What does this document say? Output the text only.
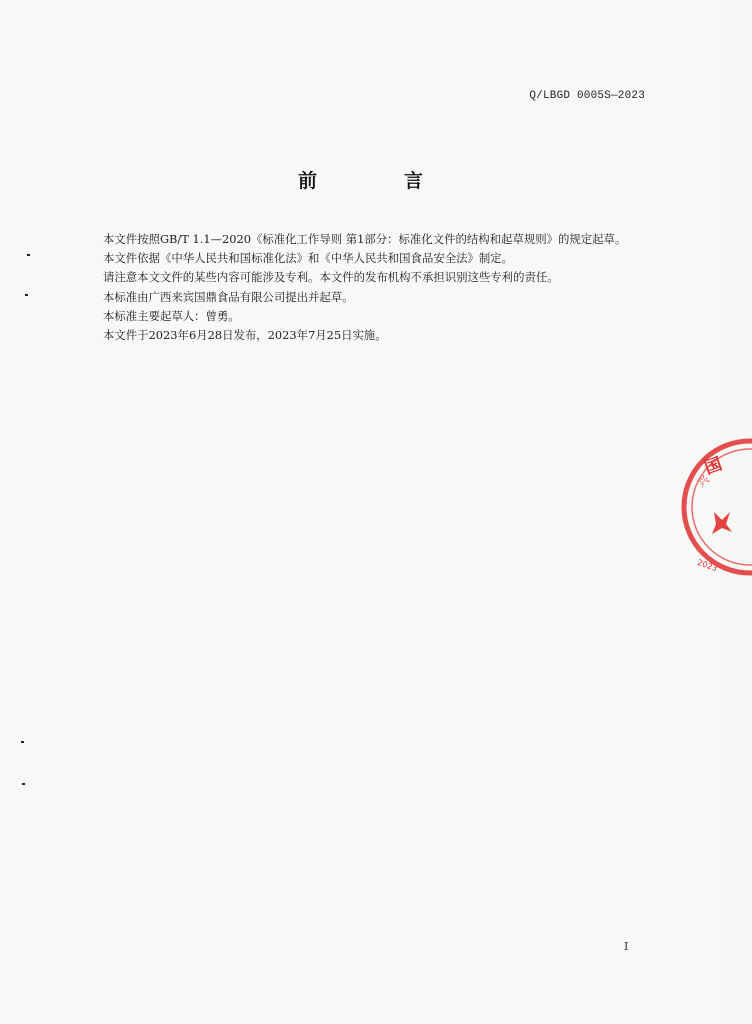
Q/LBGD 0005S—2023
前　言

本文件按照GB/T 1.1—2020《标准化工作导则 第1部分：标准化文件的结构和起草规则》的规定起草。

本文件依据《中华人民共和国标准化法》和《中华人民共和国食品安全法》制定。

请注意本文文件的某些内容可能涉及专利。本文件的发布机构不承担识别这些专利的责任。

本标准由广西来宾国鼎食品有限公司提出并起草。

本标准主要起草人：曾勇。

本文件于2023年6月28日发布，2023年7月25日实施。

国
兴
2023
I
